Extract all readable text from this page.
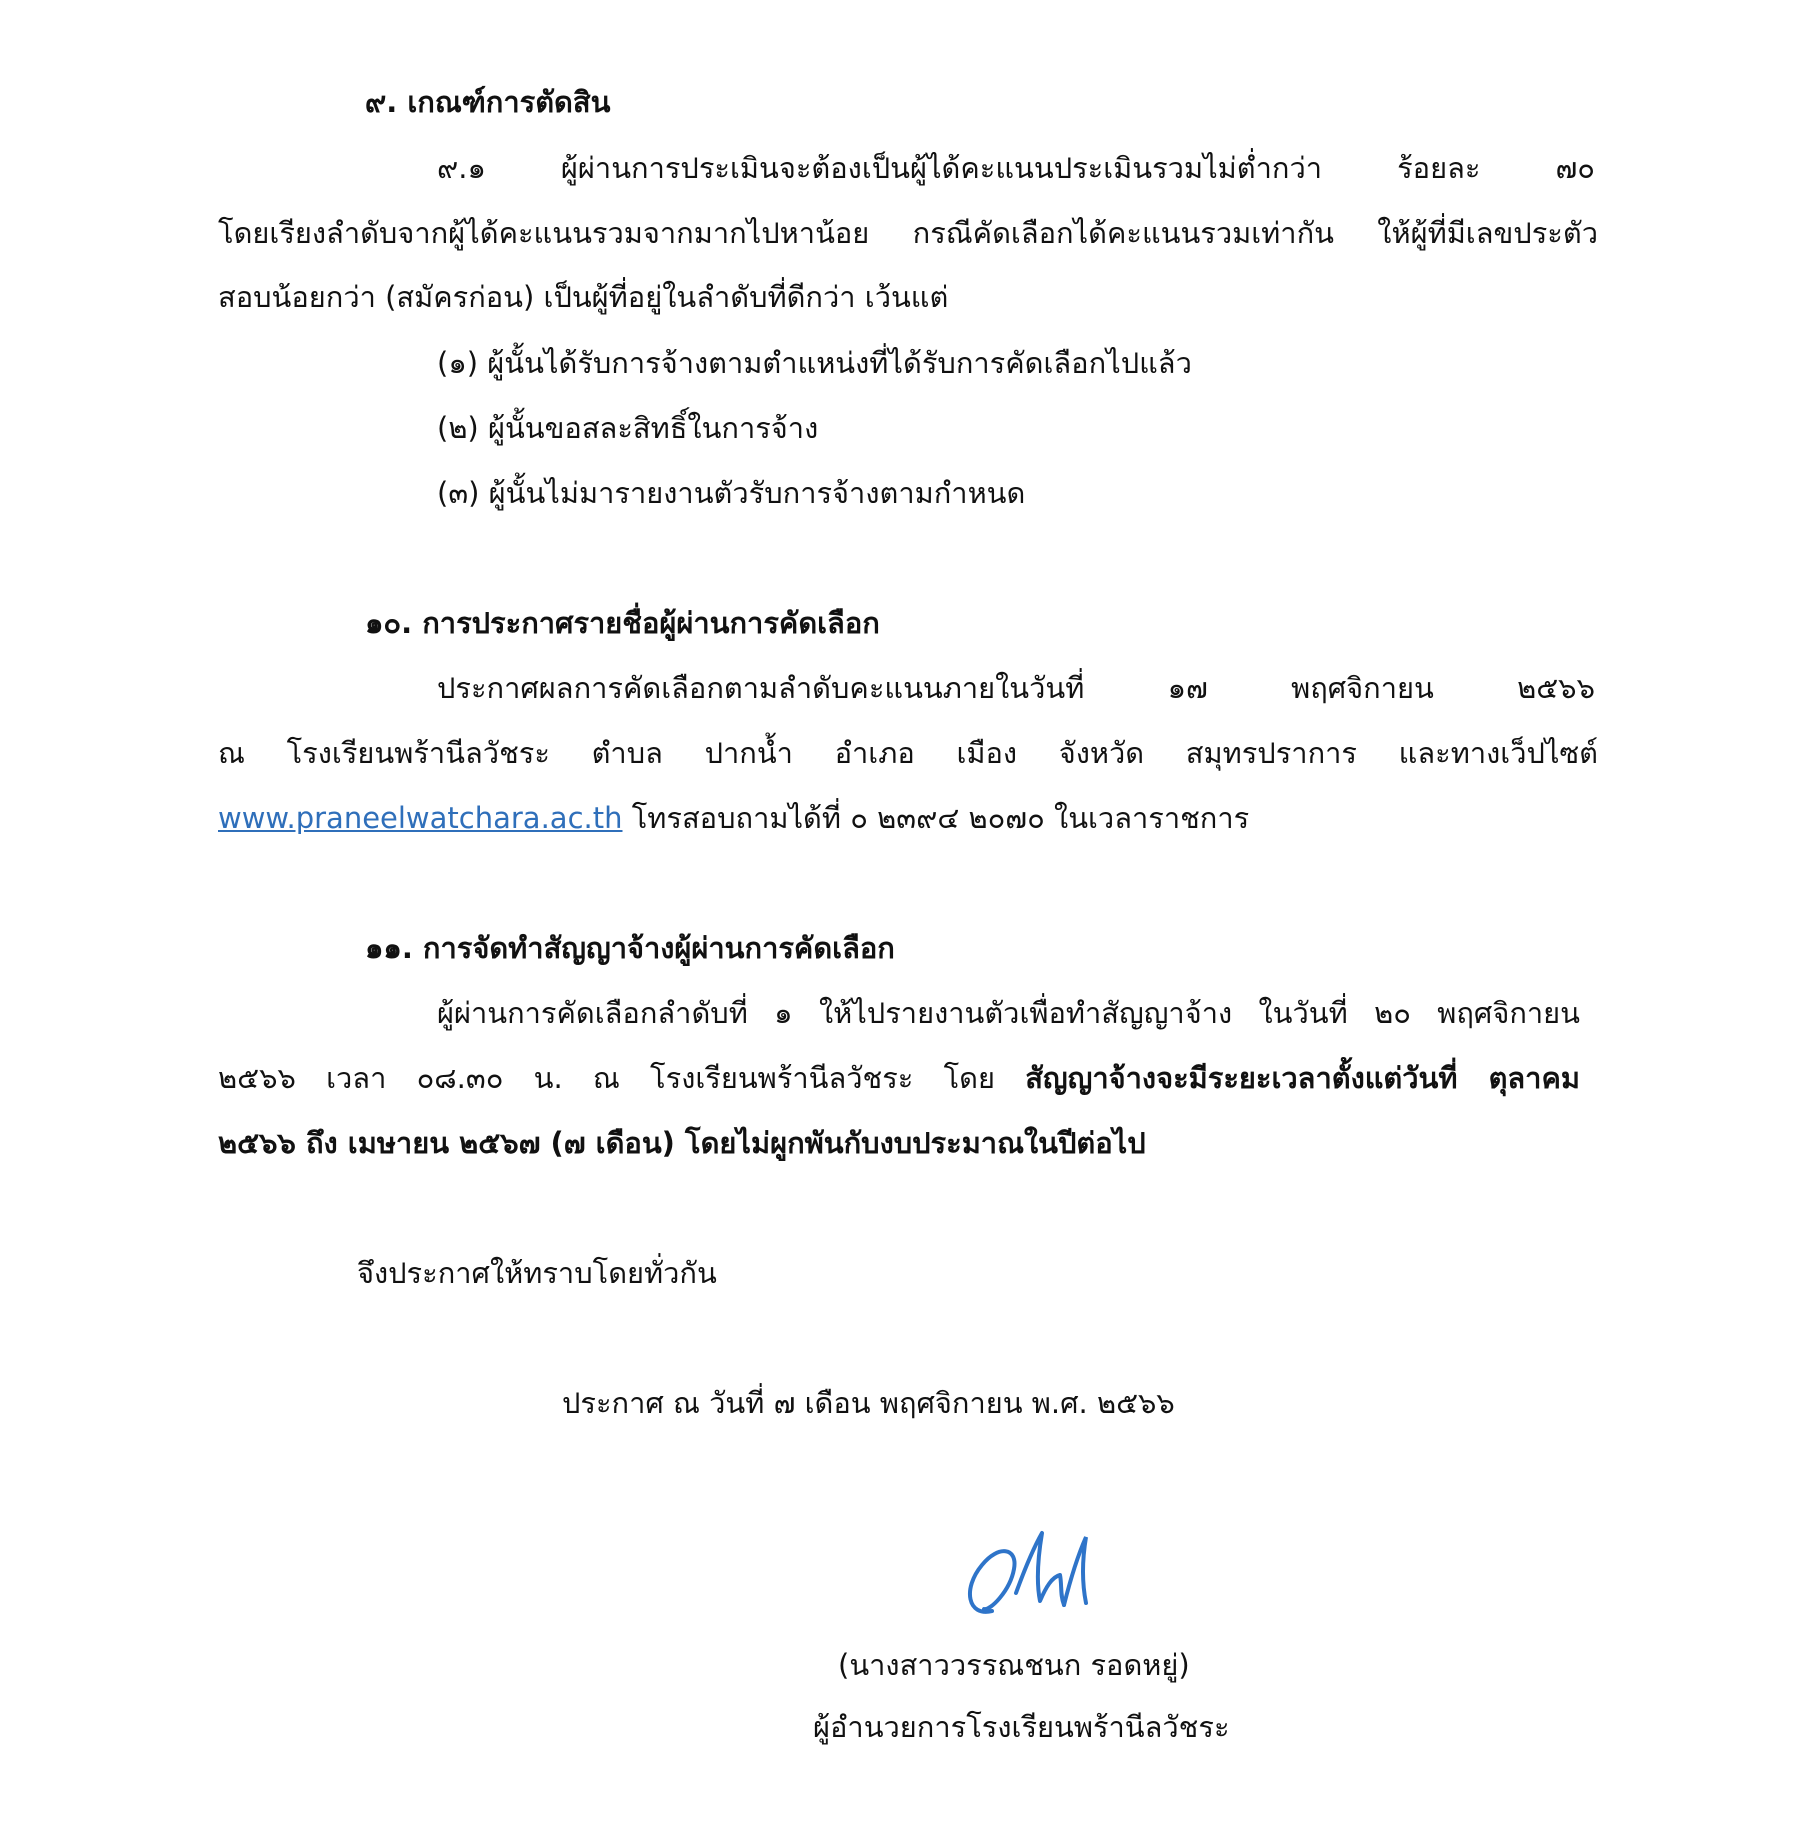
๙. เกณฑ์การตัดสิน
๙.๑ ผู้ผ่านการประเมินจะต้องเป็นผู้ได้คะแนนประเมินรวมไม่ต่ำกว่า ร้อยละ ๗๐
โดยเรียงลำดับจากผู้ได้คะแนนรวมจากมากไปหาน้อย กรณีคัดเลือกได้คะแนนรวมเท่ากัน ให้ผู้ที่มีเลขประตัว
สอบน้อยกว่า (สมัครก่อน) เป็นผู้ที่อยู่ในลำดับที่ดีกว่า เว้นแต่
(๑) ผู้นั้นได้รับการจ้างตามตำแหน่งที่ได้รับการคัดเลือกไปแล้ว
(๒) ผู้นั้นขอสละสิทธิ์ในการจ้าง
(๓) ผู้นั้นไม่มารายงานตัวรับการจ้างตามกำหนด
๑๐. การประกาศรายชื่อผู้ผ่านการคัดเลือก
ประกาศผลการคัดเลือกตามลำดับคะแนนภายในวันที่ ๑๗ พฤศจิกายน ๒๕๖๖
ณ โรงเรียนพร้านีลวัชระ ตำบล ปากน้ำ อำเภอ เมือง จังหวัด สมุทรปราการ และทางเว็ปไซต์
www.praneelwatchara.ac.th โทรสอบถามได้ที่ ๐ ๒๓๙๔ ๒๐๗๐ ในเวลาราชการ
๑๑. การจัดทำสัญญาจ้างผู้ผ่านการคัดเลือก
ผู้ผ่านการคัดเลือกลำดับที่ ๑ ให้ไปรายงานตัวเพื่อทำสัญญาจ้าง ในวันที่ ๒๐ พฤศจิกายน
๒๕๖๖ เวลา ๐๘.๓๐ น. ณ โรงเรียนพร้านีลวัชระ โดย สัญญาจ้างจะมีระยะเวลาตั้งแต่วันที่ ตุลาคม
๒๕๖๖ ถึง เมษายน ๒๕๖๗ (๗ เดือน) โดยไม่ผูกพันกับงบประมาณในปีต่อไป
จึงประกาศให้ทราบโดยทั่วกัน
ประกาศ ณ วันที่ ๗ เดือน พฤศจิกายน พ.ศ. ๒๕๖๖
(นางสาววรรณชนก รอดหยู่)
ผู้อำนวยการโรงเรียนพร้านีลวัชระ
